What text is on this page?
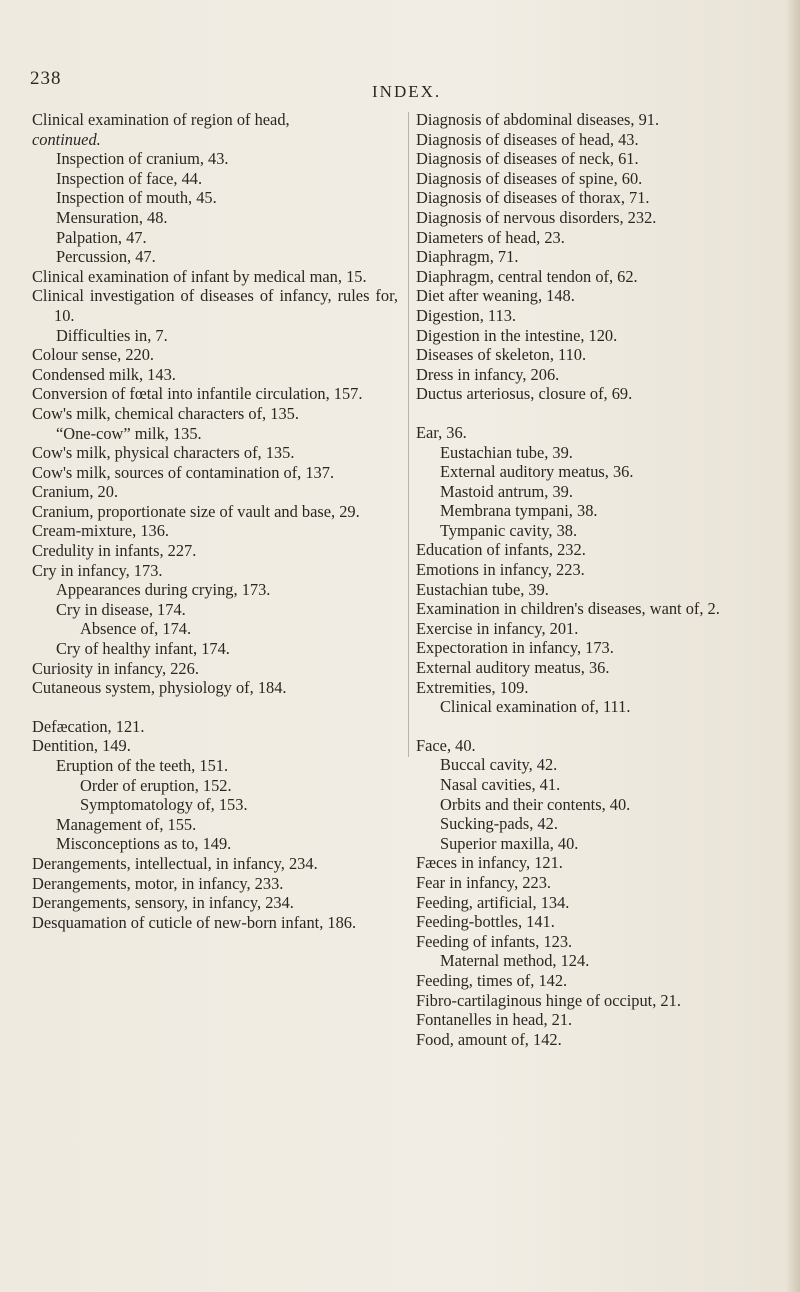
238
INDEX.
Clinical examination of region of head,
continued.
Inspection of cranium, 43.
Inspection of face, 44.
Inspection of mouth, 45.
Mensuration, 48.
Palpation, 47.
Percussion, 47.
Clinical examination of infant by medical man, 15.
Clinical investigation of diseases of infancy, rules for, 10.
Difficulties in, 7.
Colour sense, 220.
Condensed milk, 143.
Conversion of fœtal into infantile circulation, 157.
Cow's milk, chemical characters of, 135.
“One-cow” milk, 135.
Cow's milk, physical characters of, 135.
Cow's milk, sources of contamination of, 137.
Cranium, 20.
Cranium, proportionate size of vault and base, 29.
Cream-mixture, 136.
Credulity in infants, 227.
Cry in infancy, 173.
Appearances during crying, 173.
Cry in disease, 174.
Absence of, 174.
Cry of healthy infant, 174.
Curiosity in infancy, 226.
Cutaneous system, physiology of, 184.
Defæcation, 121.
Dentition, 149.
Eruption of the teeth, 151.
Order of eruption, 152.
Symptomatology of, 153.
Management of, 155.
Misconceptions as to, 149.
Derangements, intellectual, in infancy, 234.
Derangements, motor, in infancy, 233.
Derangements, sensory, in infancy, 234.
Desquamation of cuticle of new-born infant, 186.
Diagnosis of abdominal diseases, 91.
Diagnosis of diseases of head, 43.
Diagnosis of diseases of neck, 61.
Diagnosis of diseases of spine, 60.
Diagnosis of diseases of thorax, 71.
Diagnosis of nervous disorders, 232.
Diameters of head, 23.
Diaphragm, 71.
Diaphragm, central tendon of, 62.
Diet after weaning, 148.
Digestion, 113.
Digestion in the intestine, 120.
Diseases of skeleton, 110.
Dress in infancy, 206.
Ductus arteriosus, closure of, 69.
Ear, 36.
Eustachian tube, 39.
External auditory meatus, 36.
Mastoid antrum, 39.
Membrana tympani, 38.
Tympanic cavity, 38.
Education of infants, 232.
Emotions in infancy, 223.
Eustachian tube, 39.
Examination in children's diseases, want of, 2.
Exercise in infancy, 201.
Expectoration in infancy, 173.
External auditory meatus, 36.
Extremities, 109.
Clinical examination of, 111.
Face, 40.
Buccal cavity, 42.
Nasal cavities, 41.
Orbits and their contents, 40.
Sucking-pads, 42.
Superior maxilla, 40.
Fæces in infancy, 121.
Fear in infancy, 223.
Feeding, artificial, 134.
Feeding-bottles, 141.
Feeding of infants, 123.
Maternal method, 124.
Feeding, times of, 142.
Fibro-cartilaginous hinge of occiput, 21.
Fontanelles in head, 21.
Food, amount of, 142.
